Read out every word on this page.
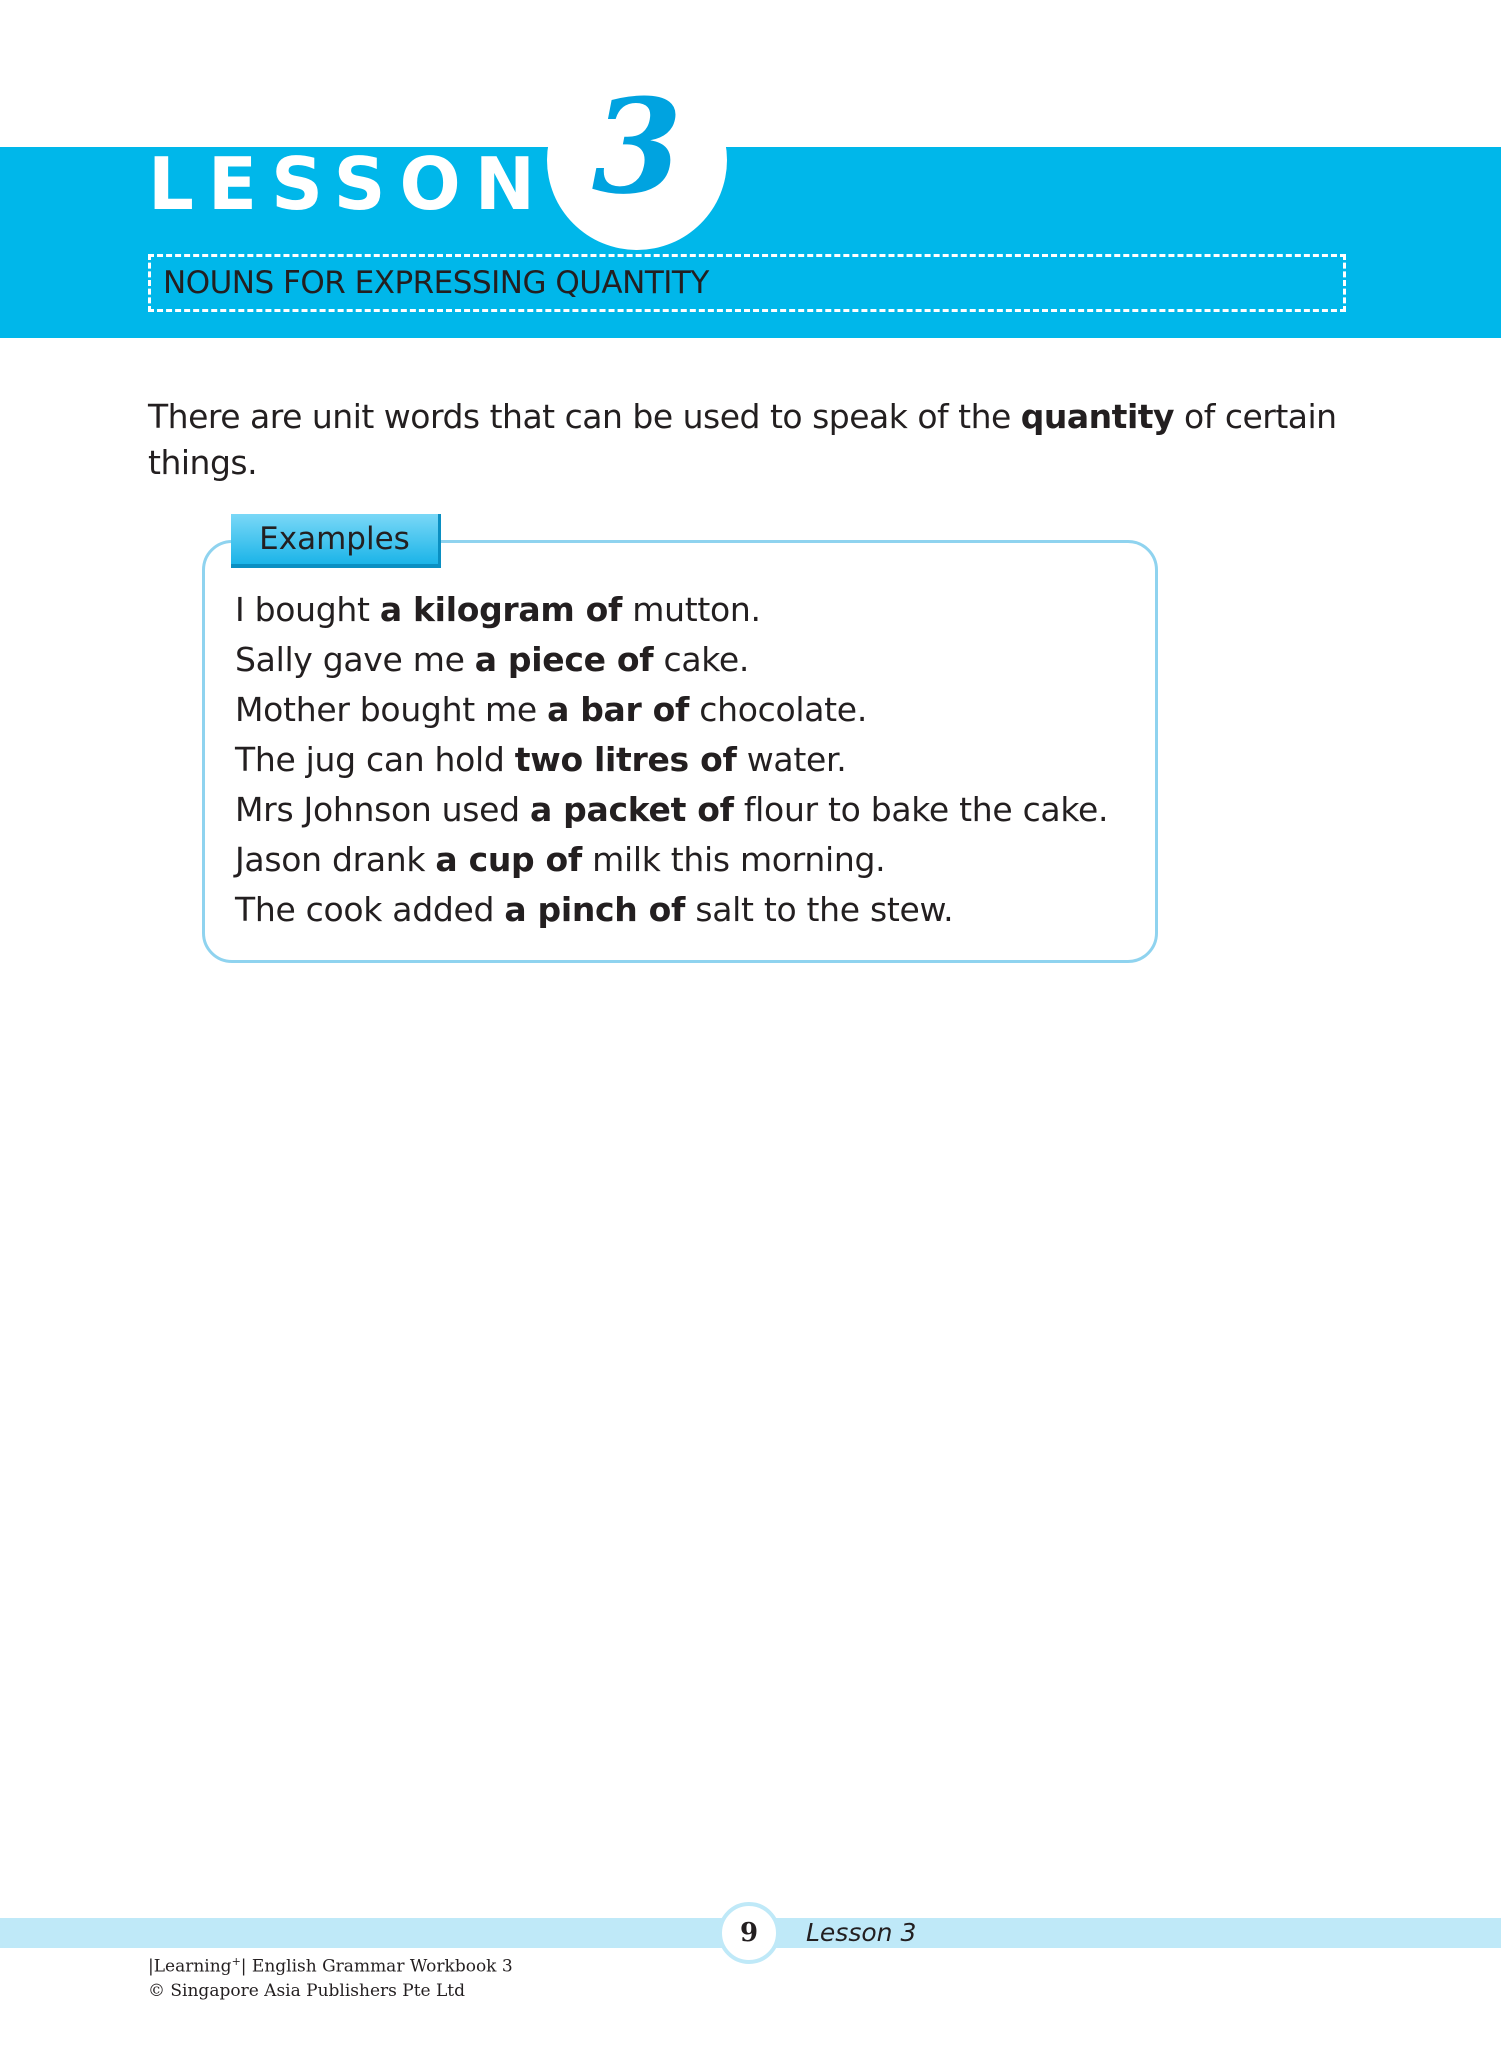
LESSON 3
NOUNS FOR EXPRESSING QUANTITY

There are unit words that can be used to speak of the quantity of certain things.

Examples
I bought a kilogram of mutton.
Sally gave me a piece of cake.
Mother bought me a bar of chocolate.
The jug can hold two litres of water.
Mrs Johnson used a packet of flour to bake the cake.
Jason drank a cup of milk this morning.
The cook added a pinch of salt to the stew.
9	Lesson 3
|Learning+| English Grammar Workbook 3
© Singapore Asia Publishers Pte Ltd
